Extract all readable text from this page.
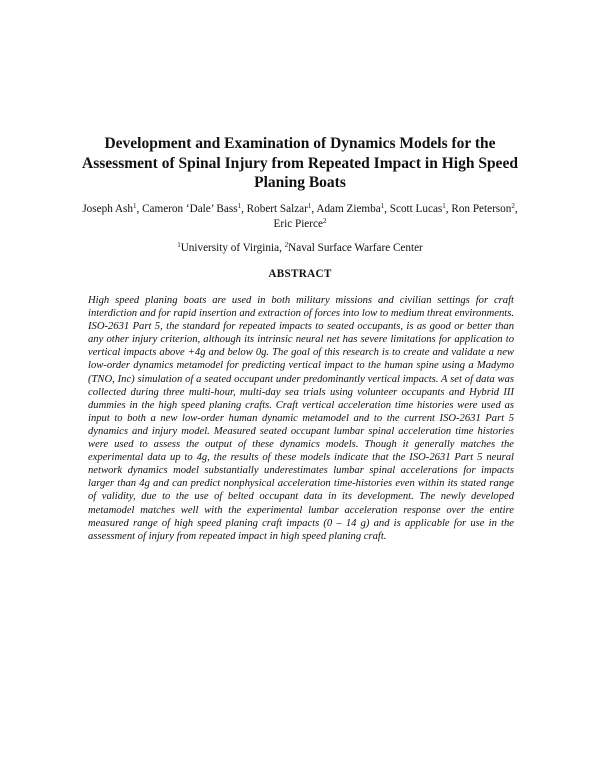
Development and Examination of Dynamics Models for the Assessment of Spinal Injury from Repeated Impact in High Speed Planing Boats

Joseph Ash$^1$, Cameron ‘Dale’ Bass$^1$, Robert Salzar$^1$, Adam Ziemba$^1$, Scott Lucas$^1$, Ron Peterson$^2$, Eric Pierce$^2$

$^1$University of Virginia, $^2$Naval Surface Warfare Center

ABSTRACT

High speed planing boats are used in both military missions and civilian settings for craft interdiction and for rapid insertion and extraction of forces into low to medium threat environments. ISO-2631 Part 5, the standard for repeated impacts to seated occupants, is as good or better than any other injury criterion, although its intrinsic neural net has severe limitations for application to vertical impacts above +4g and below 0g. The goal of this research is to create and validate a new low-order dynamics metamodel for predicting vertical impact to the human spine using a Madymo (TNO, Inc) simulation of a seated occupant under predominantly vertical impacts. A set of data was collected during three multi-hour, multi-day sea trials using volunteer occupants and Hybrid III dummies in the high speed planing crafts. Craft vertical acceleration time histories were used as input to both a new low-order human dynamic metamodel and to the current ISO-2631 Part 5 dynamics and injury model. Measured seated occupant lumbar spinal acceleration time histories were used to assess the output of these dynamics models. Though it generally matches the experimental data up to 4g, the results of these models indicate that the ISO-2631 Part 5 neural network dynamics model substantially underestimates lumbar spinal accelerations for impacts larger than 4g and can predict nonphysical acceleration time-histories even within its stated range of validity, due to the use of belted occupant data in its development. The newly developed metamodel matches well with the experimental lumbar acceleration response over the entire measured range of high speed planing craft impacts (0 – 14 g) and is applicable for use in the assessment of injury from repeated impact in high speed planing craft.
